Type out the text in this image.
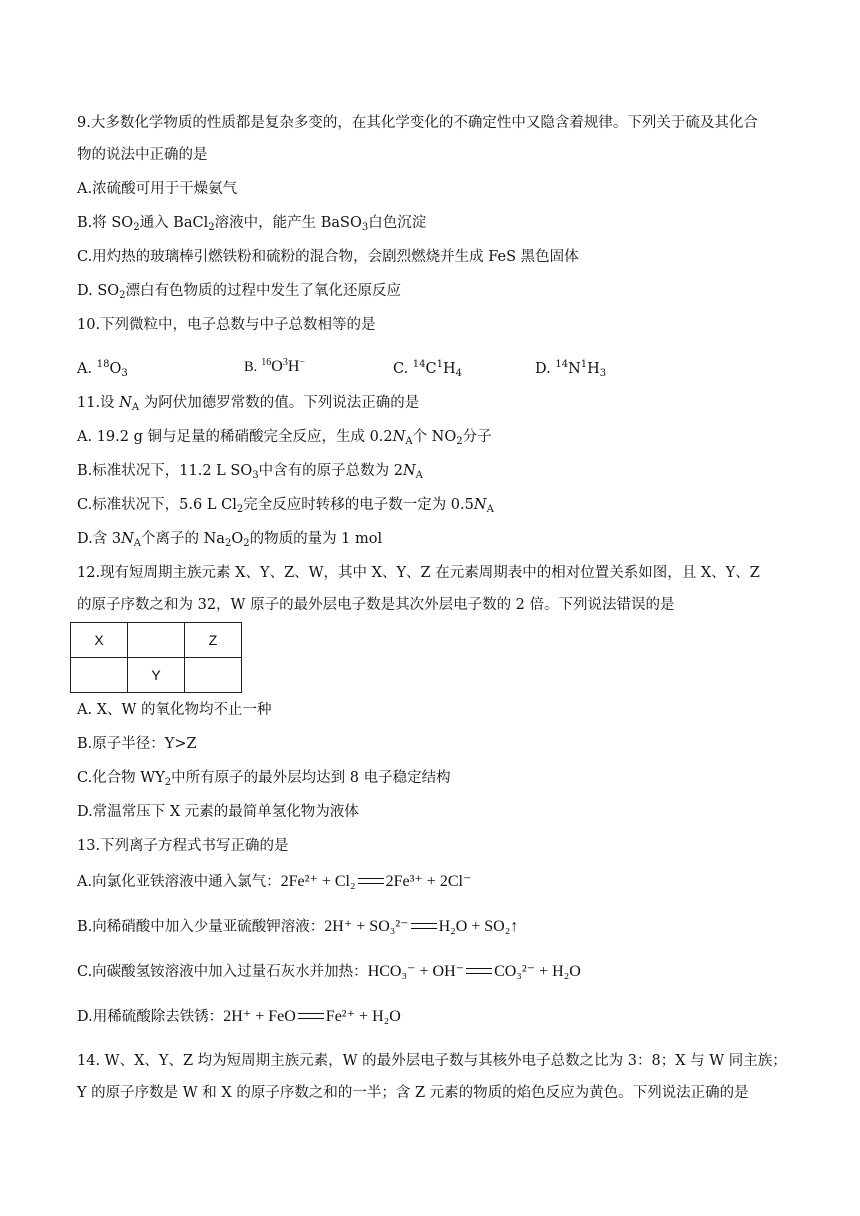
9.大多数化学物质的性质都是复杂多变的，在其化学变化的不确定性中又隐含着规律。下列关于硫及其化合
物的说法中正确的是
A.浓硫酸可用于干燥氨气
B.将 $SO_2$通入 BaCl$_2$溶液中，能产生 BaSO$_3$白色沉淀
C.用灼热的玻璃棒引燃铁粉和硫粉的混合物，会剧烈燃烧并生成 FeS 黑色固体
D. $SO_2$漂白有色物质的过程中发生了氧化还原反应
10.下列微粒中，电子总数与中子总数相等的是
A. $^{18}O_3$	B. $^{16}O^3H^-$	C. $^{14}C^1H_4$	D. $^{14}N^1H_3$
11.设 $N_A$ 为阿伏加德罗常数的值。下列说法正确的是
A. 19.2 g 铜与足量的稀硝酸完全反应，生成 $0.2N_A$个 $NO_2$分子
B.标准状况下，11.2 L $SO_3$中含有的原子总数为 $2N_A$
C.标准状况下，5.6 L $Cl_2$完全反应时转移的电子数一定为 $0.5N_A$
D.含 $3N_A$个离子的 $Na_2O_2$的物质的量为 1 mol
12.现有短周期主族元素 X、Y、Z、W，其中 X、Y、Z 在元素周期表中的相对位置关系如图，且 X、Y、Z
的原子序数之和为 32，W 原子的最外层电子数是其次外层电子数的 2 倍。下列说法错误的是
X		Z
	Y	
A. X、W 的氧化物均不止一种
B.原子半径：Y>Z
C.化合物 $WY_2$中所有原子的最外层均达到 8 电子稳定结构
D.常温常压下 X 元素的最简单氢化物为液体
13.下列离子方程式书写正确的是
A.向氯化亚铁溶液中通入氯气：2Fe²⁺ + Cl₂ 2Fe³⁺ + 2Cl⁻
B.向稀硝酸中加入少量亚硫酸钾溶液：2H⁺ + SO₃²⁻ H₂O + SO₂↑
C.向碳酸氢铵溶液中加入过量石灰水并加热：HCO₃⁻ + OH⁻ CO₃²⁻ + H₂O
D.用稀硫酸除去铁锈：2H⁺ + FeO Fe²⁺ + H₂O
14. W、X、Y、Z 均为短周期主族元素，W 的最外层电子数与其核外电子总数之比为 3：8；X 与 W 同主族；
Y 的原子序数是 W 和 X 的原子序数之和的一半；含 Z 元素的物质的焰色反应为黄色。下列说法正确的是
